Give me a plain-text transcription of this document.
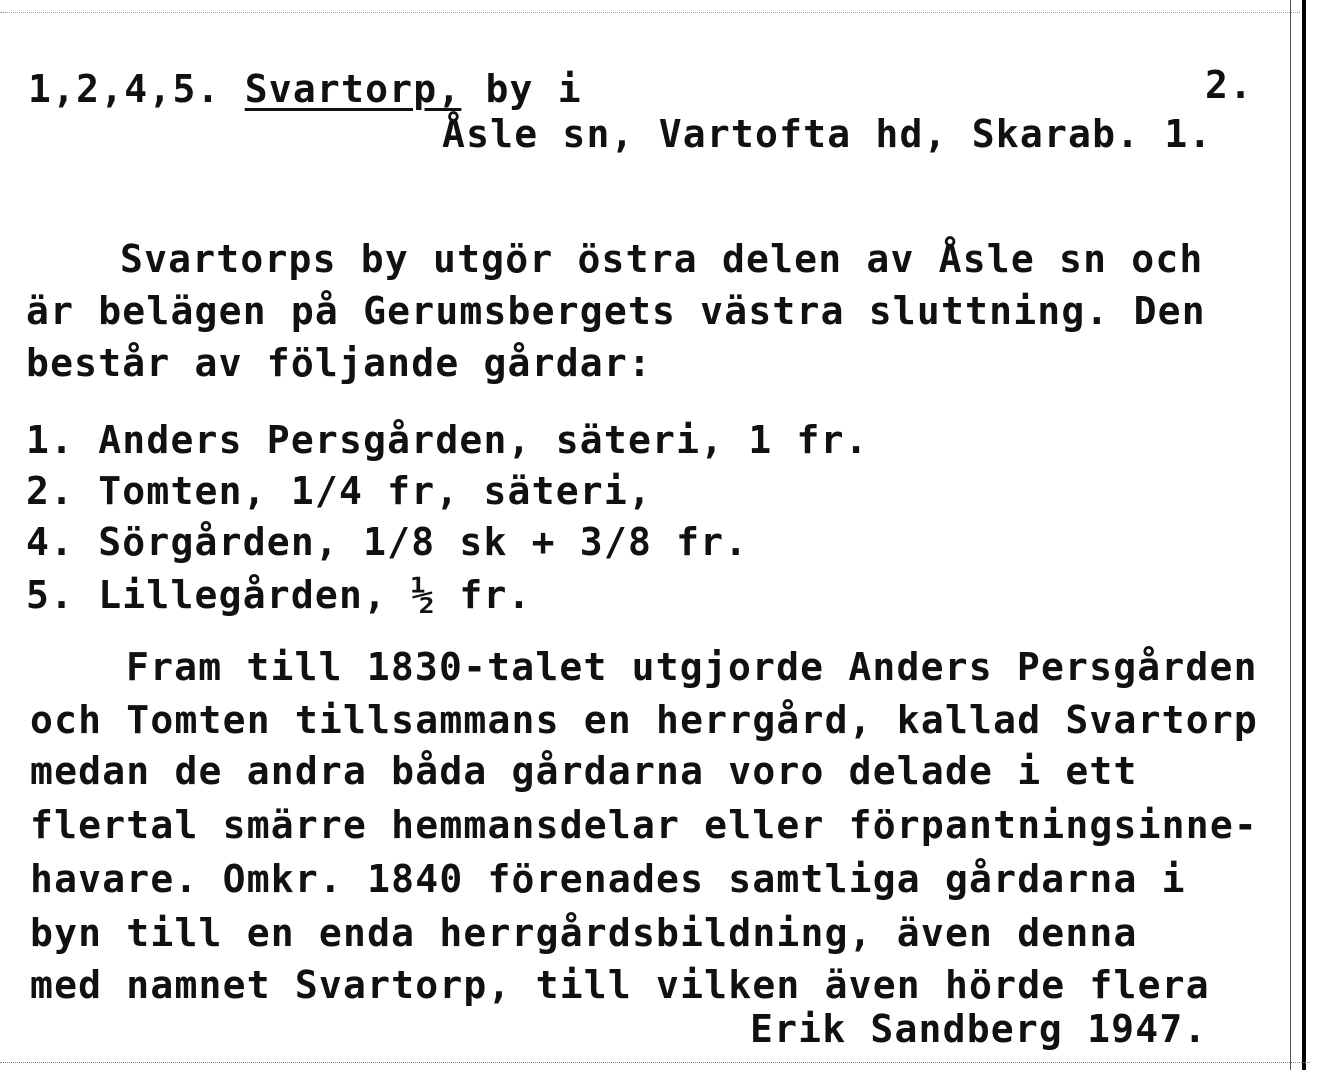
1,2,4,5. Svartorp, by i	2.
Åsle sn, Vartofta hd, Skarab. 1.
Svartorps by utgör östra delen av Åsle sn och
är belägen på Gerumsbergets västra sluttning. Den
består av följande gårdar:
1. Anders Persgården, säteri, 1 fr.
2. Tomten, 1/4 fr, säteri,
4. Sörgården, 1/8 sk + 3/8 fr.
5. Lillegården, ½ fr.
Fram till 1830-talet utgjorde Anders Persgården
och Tomten tillsammans en herrgård, kallad Svartorp
medan de andra båda gårdarna voro delade i ett
flertal smärre hemmansdelar eller förpantningsinne-
havare. Omkr. 1840 förenades samtliga gårdarna i
byn till en enda herrgårdsbildning, även denna
med namnet Svartorp, till vilken även hörde flera
Erik Sandberg 1947.
